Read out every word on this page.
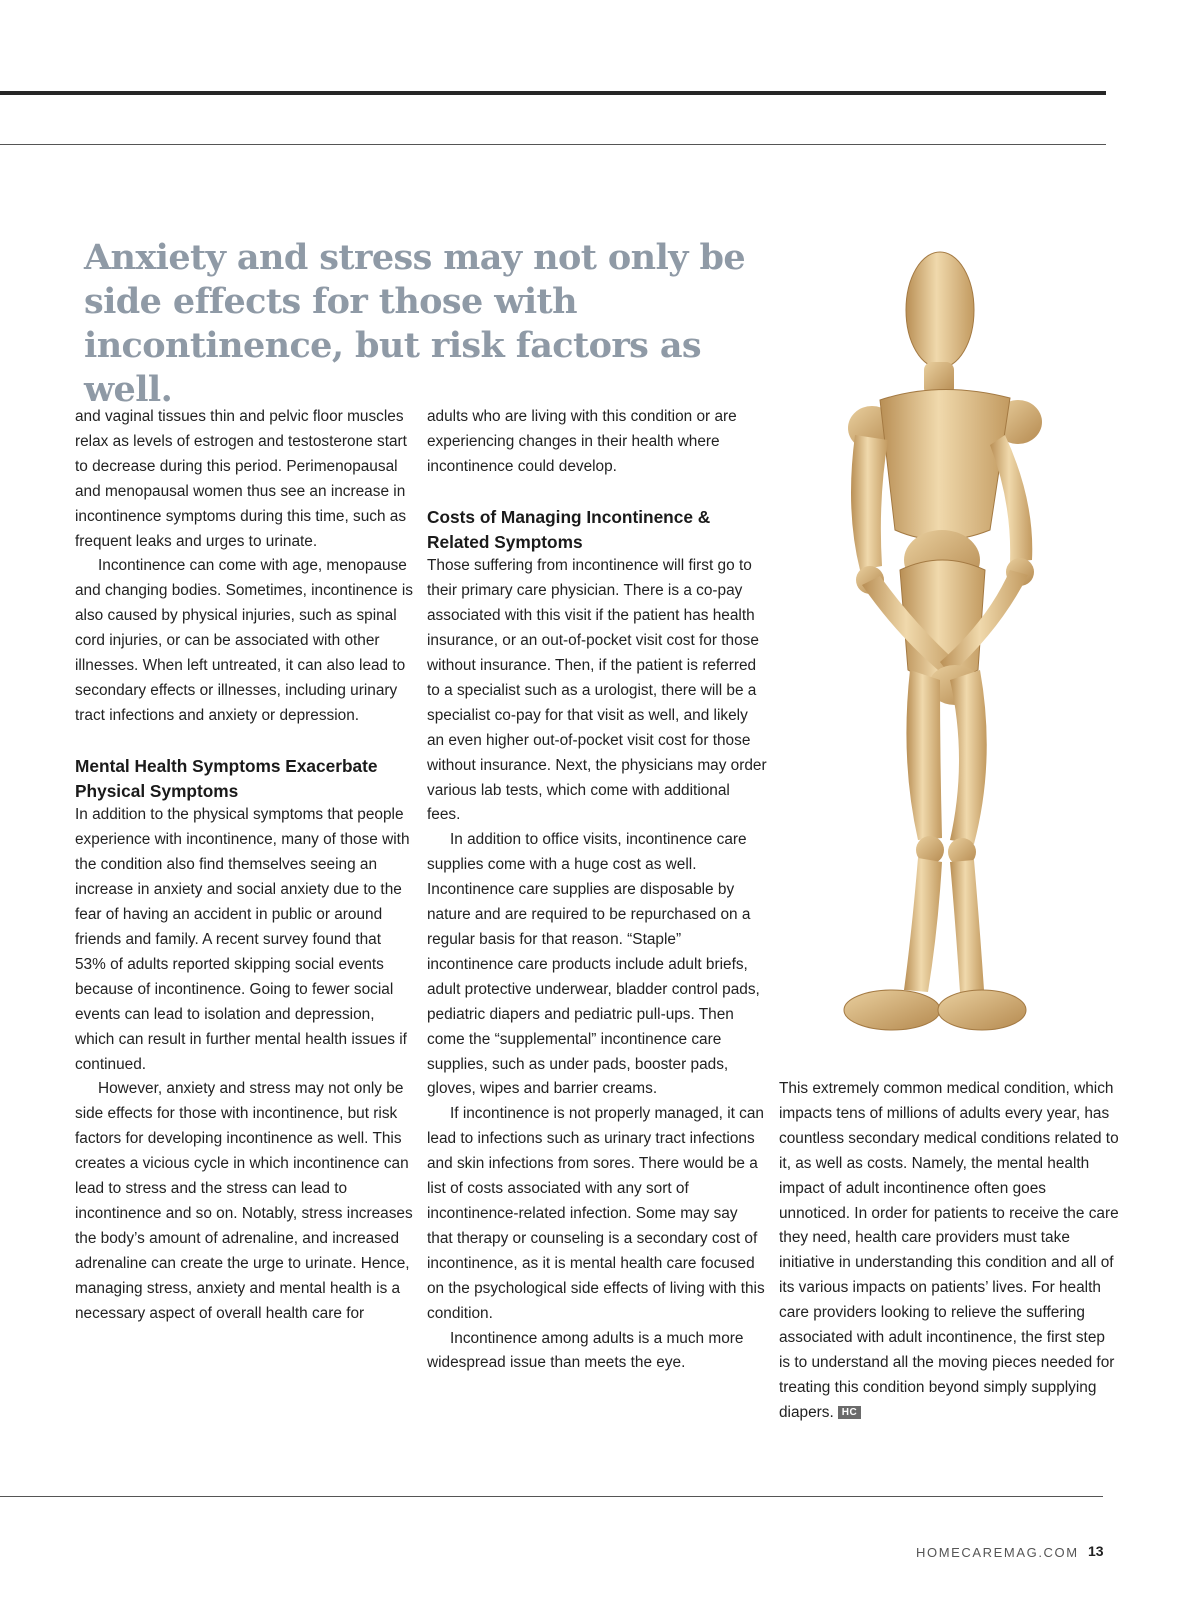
Anxiety and stress may not only be side effects for those with incontinence, but risk factors as well.

and vaginal tissues thin and pelvic floor muscles relax as levels of estrogen and testosterone start to decrease during this period. Perimenopausal and menopausal women thus see an increase in incontinence symptoms during this time, such as frequent leaks and urges to urinate.

Incontinence can come with age, menopause and changing bodies. Sometimes, incontinence is also caused by physical injuries, such as spinal cord injuries, or can be associated with other illnesses. When left untreated, it can also lead to secondary effects or illnesses, including urinary tract infections and anxiety or depression.

Mental Health Symptoms Exacerbate Physical Symptoms

In addition to the physical symptoms that people experience with incontinence, many of those with the condition also find themselves seeing an increase in anxiety and social anxiety due to the fear of having an accident in public or around friends and family. A recent survey found that 53% of adults reported skipping social events because of incontinence. Going to fewer social events can lead to isolation and depression, which can result in further mental health issues if continued.

However, anxiety and stress may not only be side effects for those with incontinence, but risk factors for developing incontinence as well. This creates a vicious cycle in which incontinence can lead to stress and the stress can lead to incontinence and so on. Notably, stress increases the body’s amount of adrenaline, and increased adrenaline can create the urge to urinate. Hence, managing stress, anxiety and mental health is a necessary aspect of overall health care for

adults who are living with this condition or are experiencing changes in their health where incontinence could develop.

Costs of Managing Incontinence & Related Symptoms

Those suffering from incontinence will first go to their primary care physician. There is a co-pay associated with this visit if the patient has health insurance, or an out-of-pocket visit cost for those without insurance. Then, if the patient is referred to a specialist such as a urologist, there will be a specialist co-pay for that visit as well, and likely an even higher out-of-pocket visit cost for those without insurance. Next, the physicians may order various lab tests, which come with additional fees.

In addition to office visits, incontinence care supplies come with a huge cost as well. Incontinence care supplies are disposable by nature and are required to be repurchased on a regular basis for that reason. “Staple” incontinence care products include adult briefs, adult protective underwear, bladder control pads, pediatric diapers and pediatric pull-ups. Then come the “supplemental” incontinence care supplies, such as under pads, booster pads, gloves, wipes and barrier creams.

If incontinence is not properly managed, it can lead to infections such as urinary tract infections and skin infections from sores. There would be a list of costs associated with any sort of incontinence-related infection. Some may say that therapy or counseling is a secondary cost of incontinence, as it is mental health care focused on the psychological side effects of living with this condition.

Incontinence among adults is a much more widespread issue than meets the eye.

This extremely common medical condition, which impacts tens of millions of adults every year, has countless secondary medical conditions related to it, as well as costs. Namely, the mental health impact of adult incontinence often goes unnoticed. In order for patients to receive the care they need, health care providers must take initiative in understanding this condition and all of its various impacts on patients’ lives. For health care providers looking to relieve the suffering associated with adult incontinence, the first step is to understand all the moving pieces needed for treating this condition beyond simply supplying diapers. HC

HOMECAREMAG.COM 13
